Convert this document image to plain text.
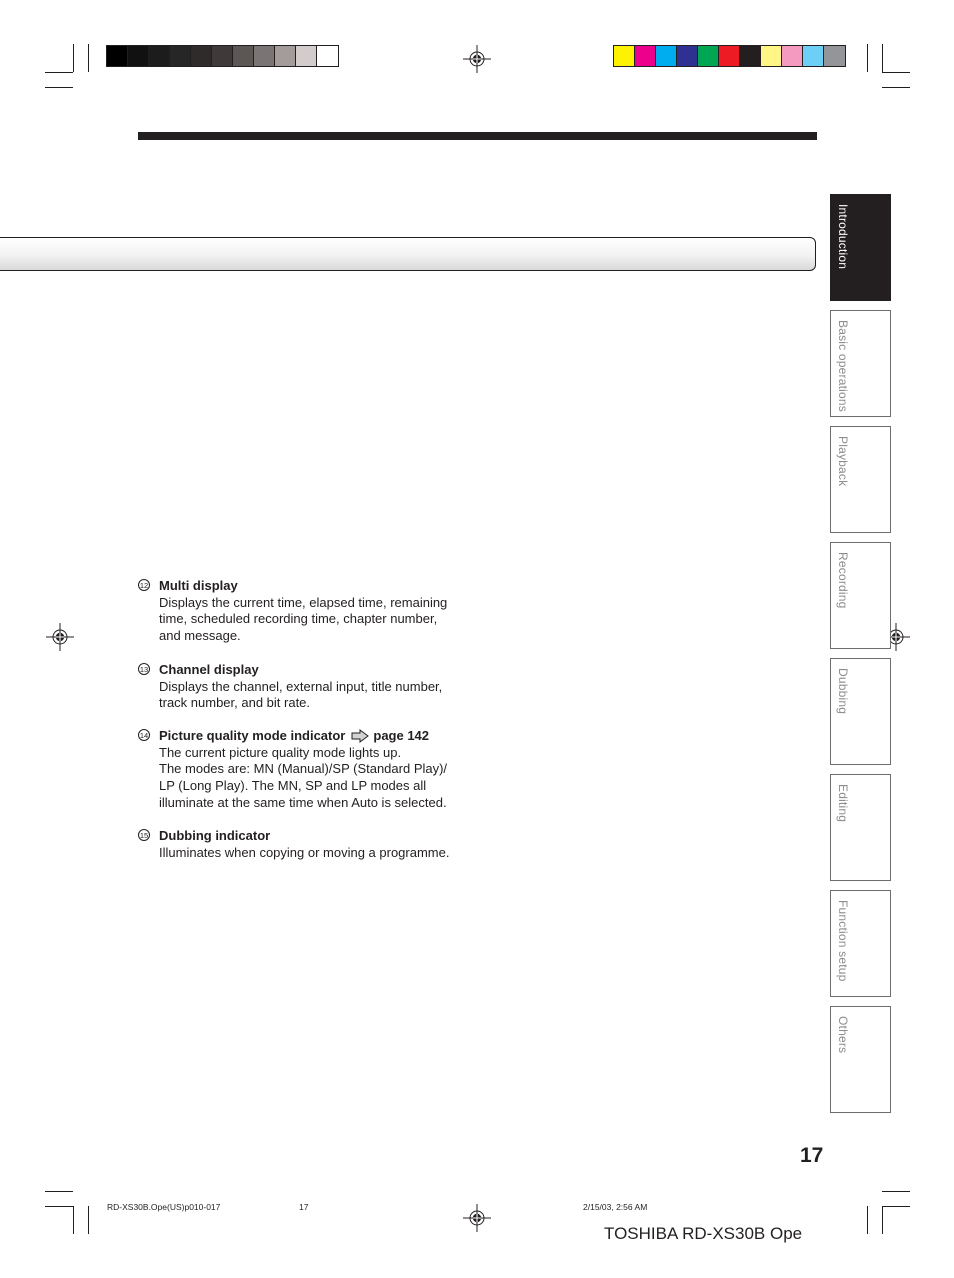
Introduction
Basic operations
Playback
Recording
Dubbing
Editing
Function setup
Others
12 Multi display
Displays the current time, elapsed time, remaining
time, scheduled recording time, chapter number,
and message.
13 Channel display
Displays the channel, external input, title number,
track number, and bit rate.
14 Picture quality mode indicator page 142
The current picture quality mode lights up.
The modes are: MN (Manual)/SP (Standard Play)/
LP (Long Play). The MN, SP and LP modes all
illuminate at the same time when Auto is selected.
15 Dubbing indicator
Illuminates when copying or moving a programme.
17
RD-XS30B.Ope(US)p010-017	17	2/15/03, 2:56 AM
TOSHIBA RD-XS30B Ope
